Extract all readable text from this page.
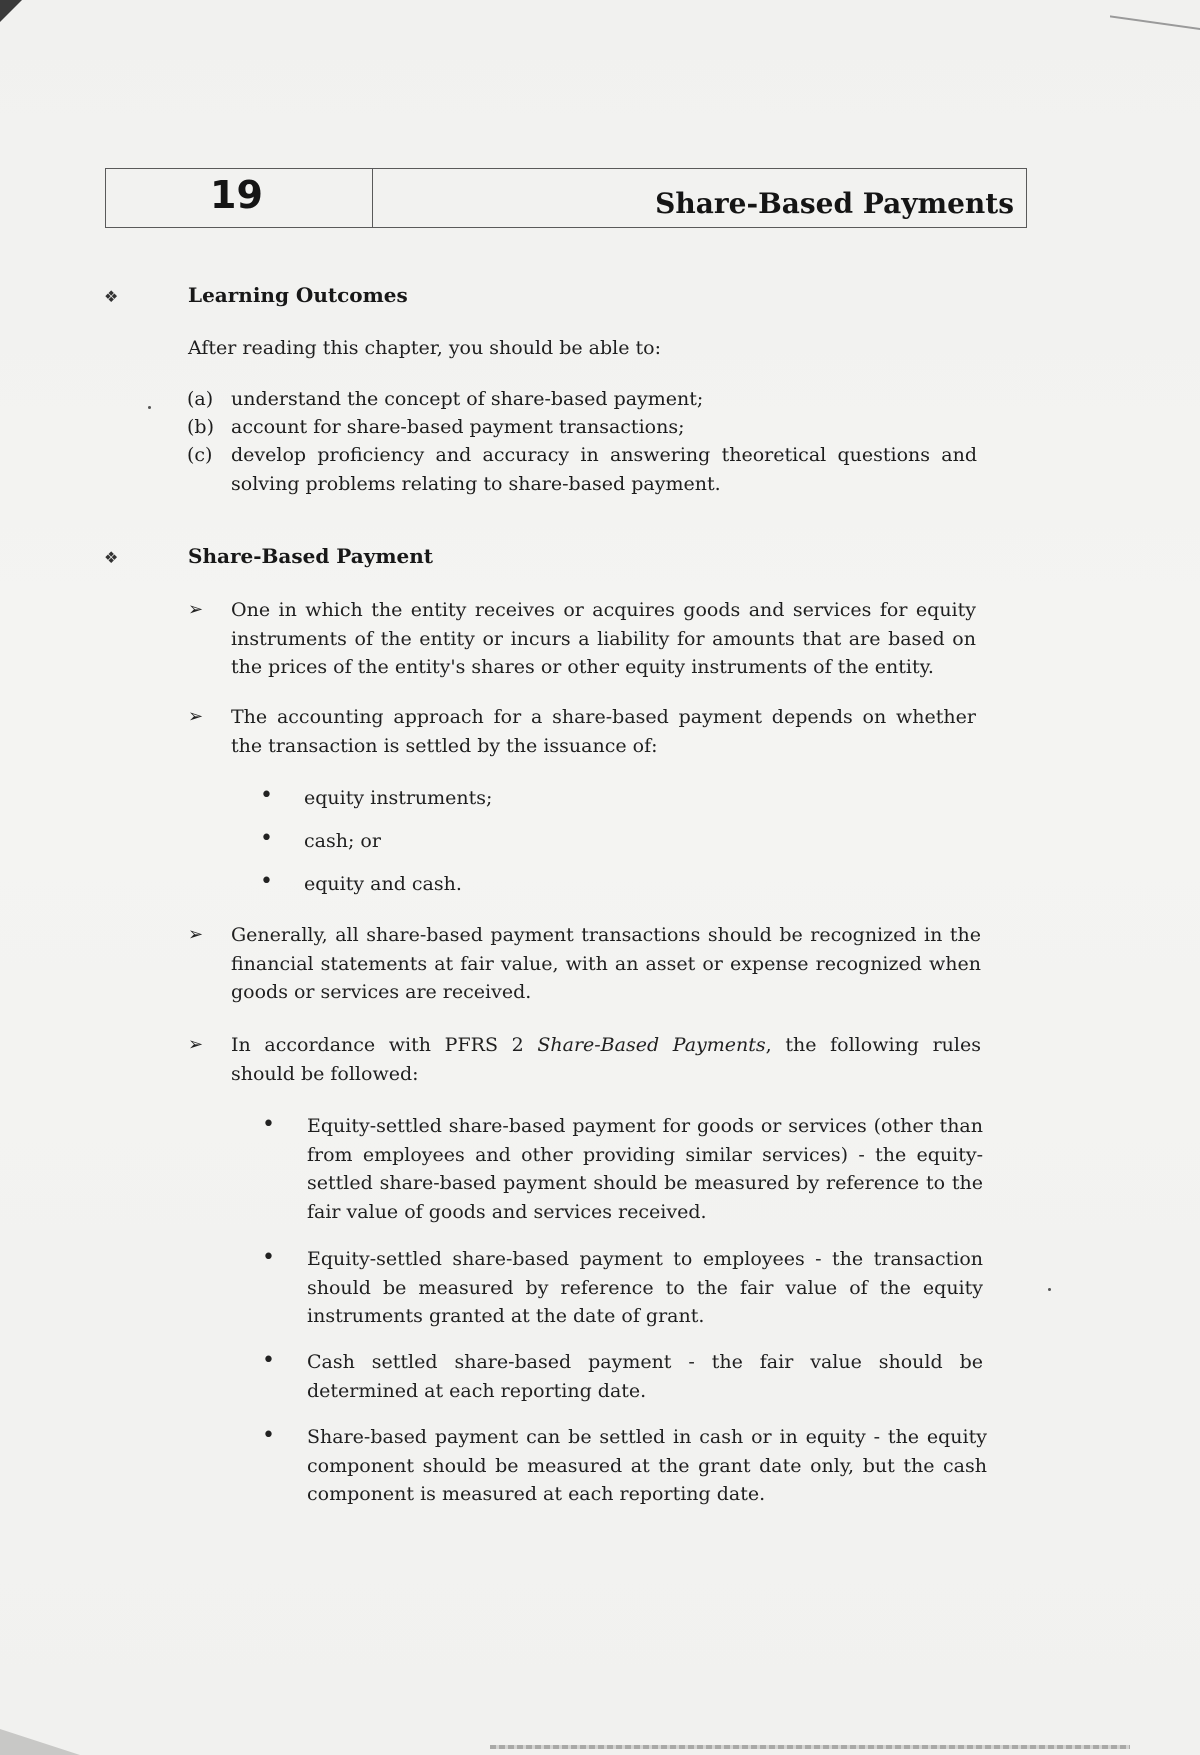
19	Share-Based Payments
❖	Learning Outcomes
After reading this chapter, you should be able to:
(a) understand the concept of share-based payment;
(b) account for share-based payment transactions;
(c) develop proficiency and accuracy in answering theoretical questions and solving problems relating to share-based payment.
❖	Share-Based Payment
➢ One in which the entity receives or acquires goods and services for equity instruments of the entity or incurs a liability for amounts that are based on the prices of the entity's shares or other equity instruments of the entity.
➢ The accounting approach for a share-based payment depends on whether the transaction is settled by the issuance of:
• equity instruments;
• cash; or
• equity and cash.
➢ Generally, all share-based payment transactions should be recognized in the financial statements at fair value, with an asset or expense recognized when goods or services are received.
➢ In accordance with PFRS 2 Share-Based Payments, the following rules should be followed:
• Equity-settled share-based payment for goods or services (other than from employees and other providing similar services) - the equity-settled share-based payment should be measured by reference to the fair value of goods and services received.
• Equity-settled share-based payment to employees - the transaction should be measured by reference to the fair value of the equity instruments granted at the date of grant.
• Cash settled share-based payment - the fair value should be determined at each reporting date.
• Share-based payment can be settled in cash or in equity - the equity component should be measured at the grant date only, but the cash component is measured at each reporting date.
